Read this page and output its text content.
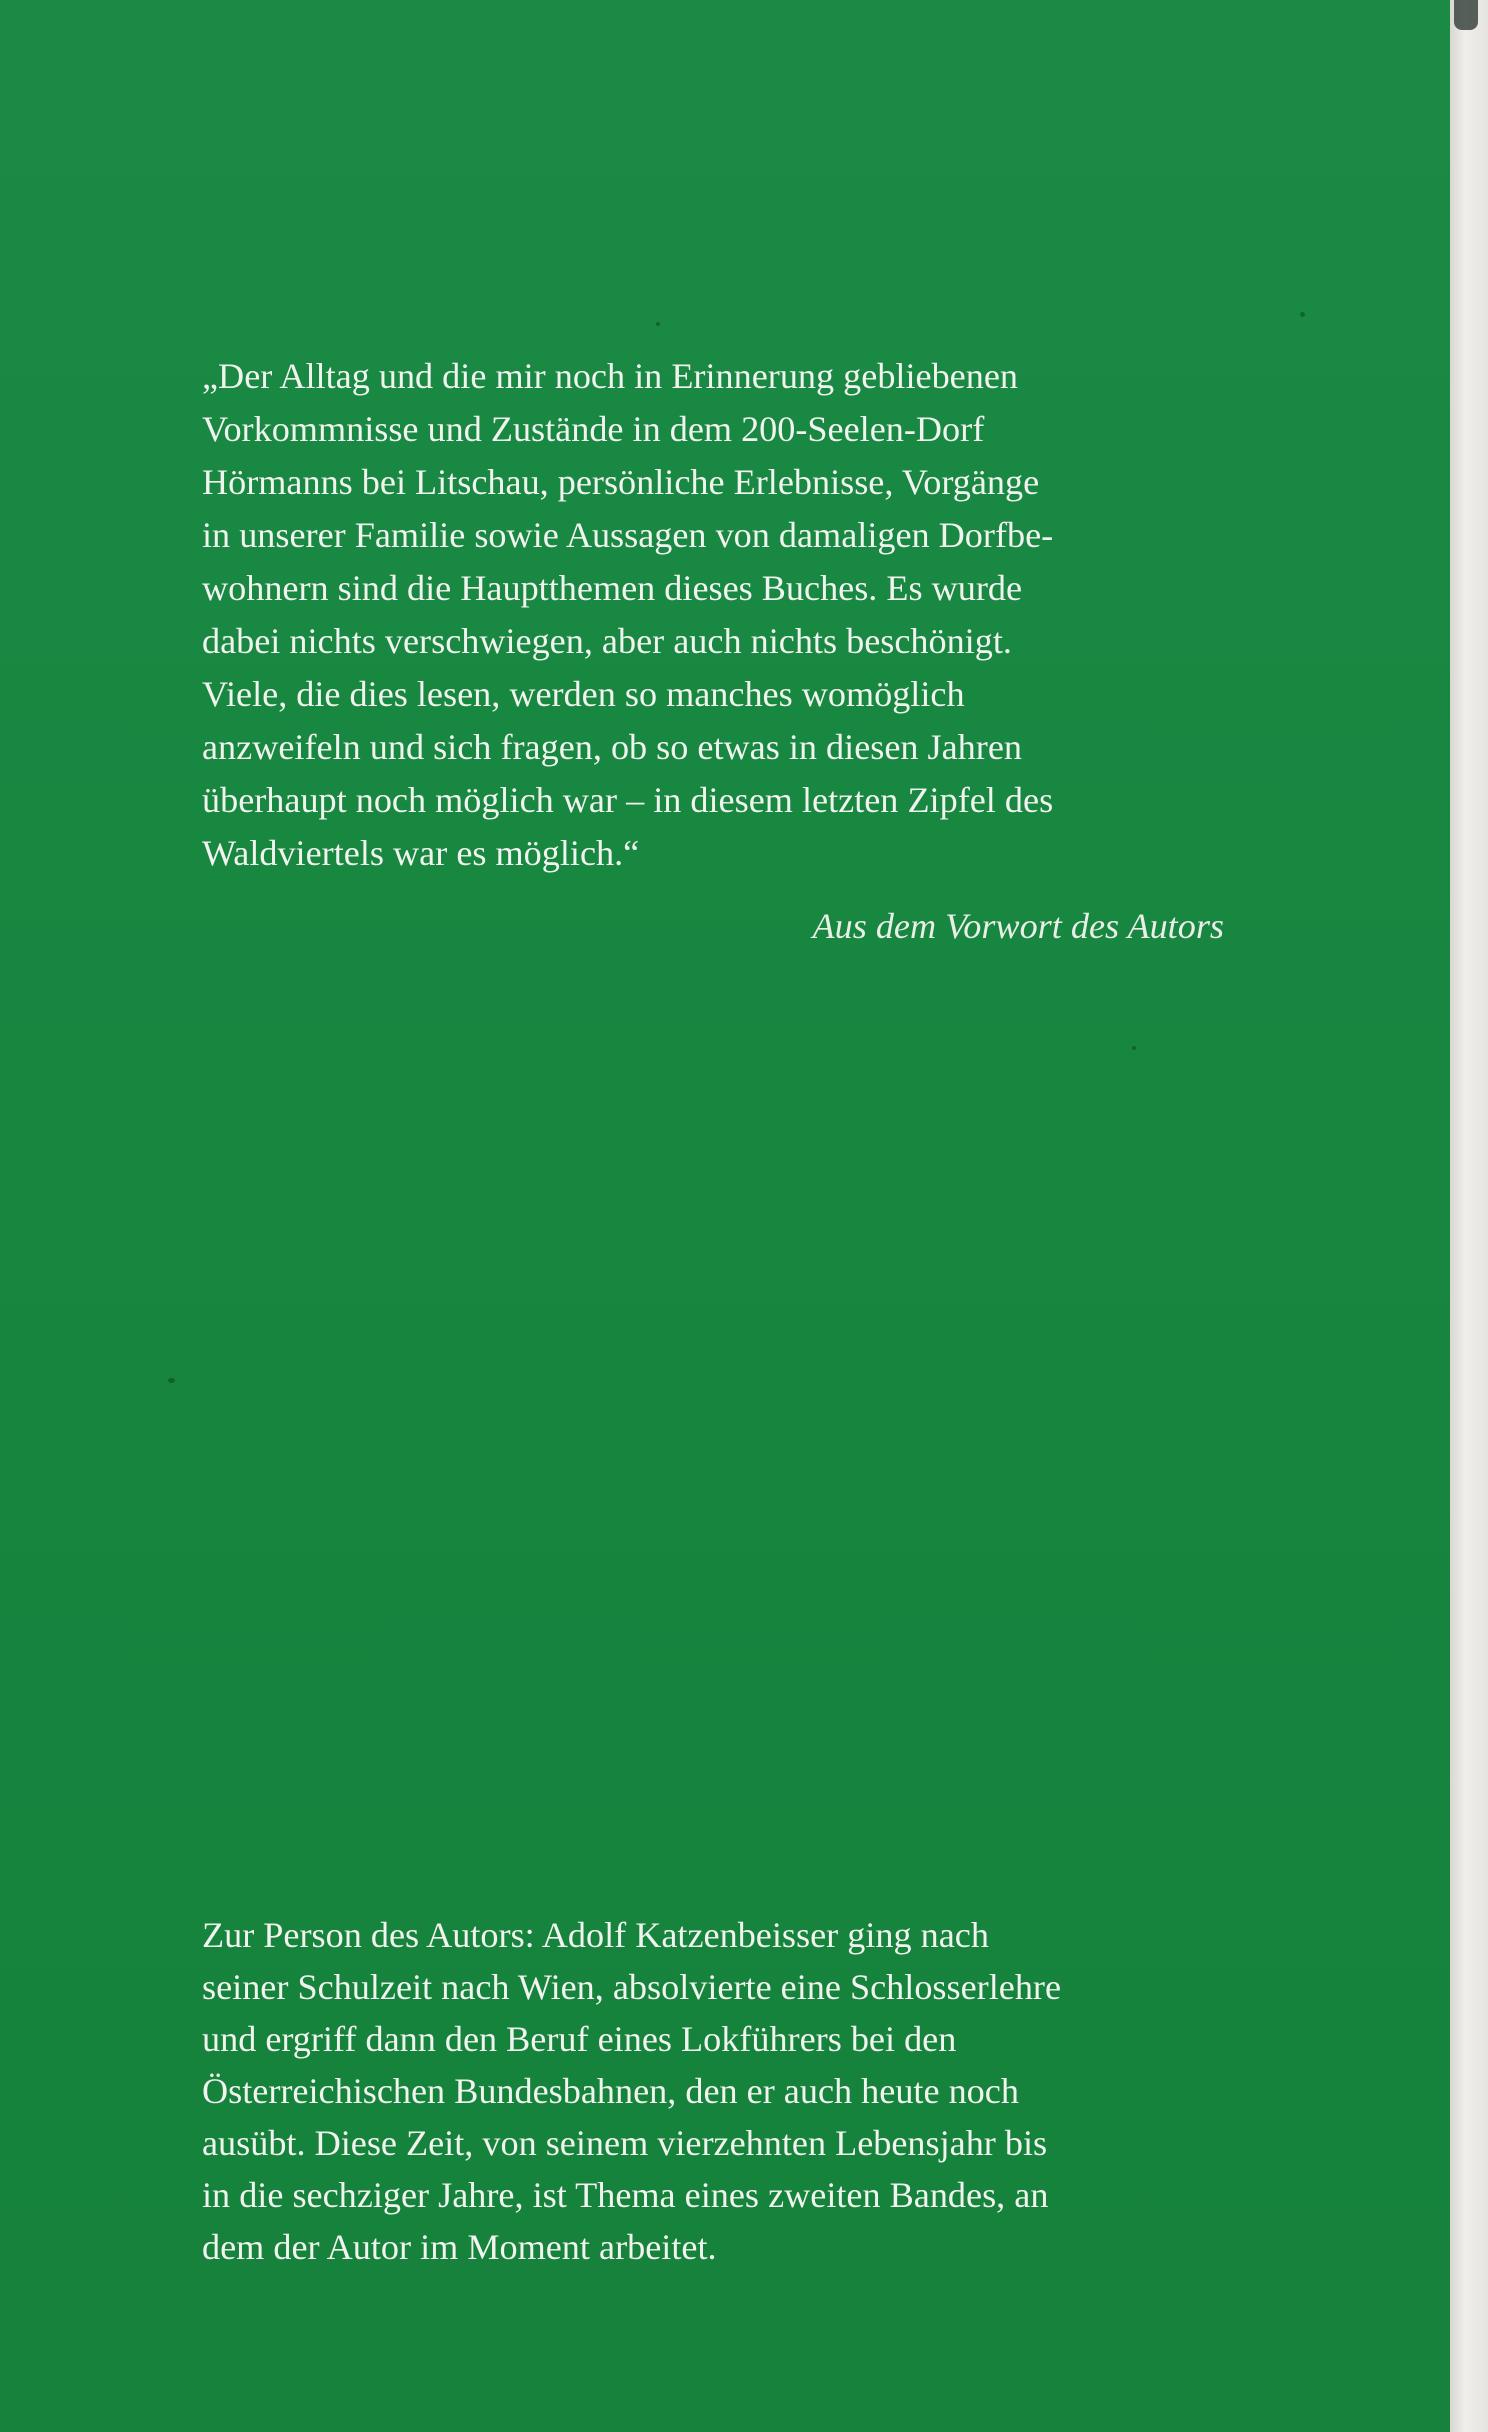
„Der Alltag und die mir noch in Erinnerung gebliebenen
Vorkommnisse und Zustände in dem 200-Seelen-Dorf
Hörmanns bei Litschau, persönliche Erlebnisse, Vorgänge
in unserer Familie sowie Aussagen von damaligen Dorfbe-
wohnern sind die Hauptthemen dieses Buches. Es wurde
dabei nichts verschwiegen, aber auch nichts beschönigt.
Viele, die dies lesen, werden so manches womöglich
anzweifeln und sich fragen, ob so etwas in diesen Jahren
überhaupt noch möglich war – in diesem letzten Zipfel des
Waldviertels war es möglich.“
Aus dem Vorwort des Autors
Zur Person des Autors: Adolf Katzenbeisser ging nach
seiner Schulzeit nach Wien, absolvierte eine Schlosserlehre
und ergriff dann den Beruf eines Lokführers bei den
Österreichischen Bundesbahnen, den er auch heute noch
ausübt. Diese Zeit, von seinem vierzehnten Lebensjahr bis
in die sechziger Jahre, ist Thema eines zweiten Bandes, an
dem der Autor im Moment arbeitet.
